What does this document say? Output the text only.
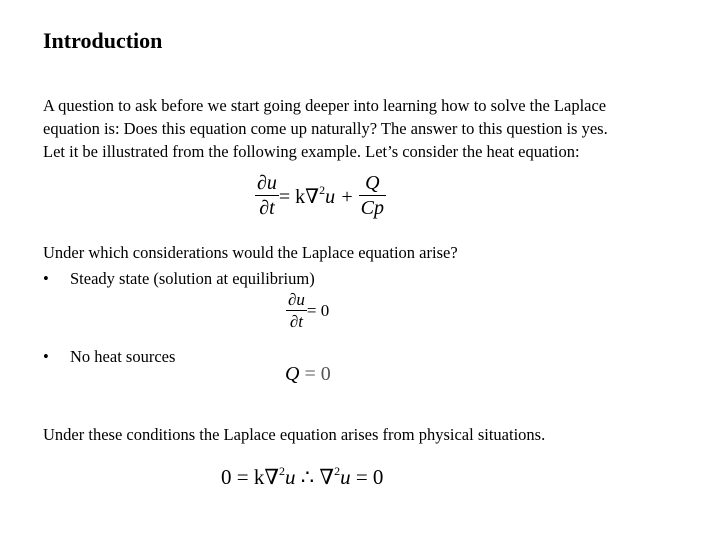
Introduction
A question to ask before we start going deeper into learning how to solve the Laplace
equation is: Does this equation come up naturally? The answer to this question is yes.
Let it be illustrated from the following example. Let’s consider the heat equation:
$\frac{\partial u}{\partial t} = k\nabla^2u + \frac{Q}{Cp}$
Under which considerations would the Laplace equation arise?
• Steady state (solution at equilibrium)
$\frac{\partial u}{\partial t} = 0$
• No heat sources
Q = 0
Under these conditions the Laplace equation arises from physical situations.
0 = k∇$^2$u ∴ ∇$^2$u = 0
